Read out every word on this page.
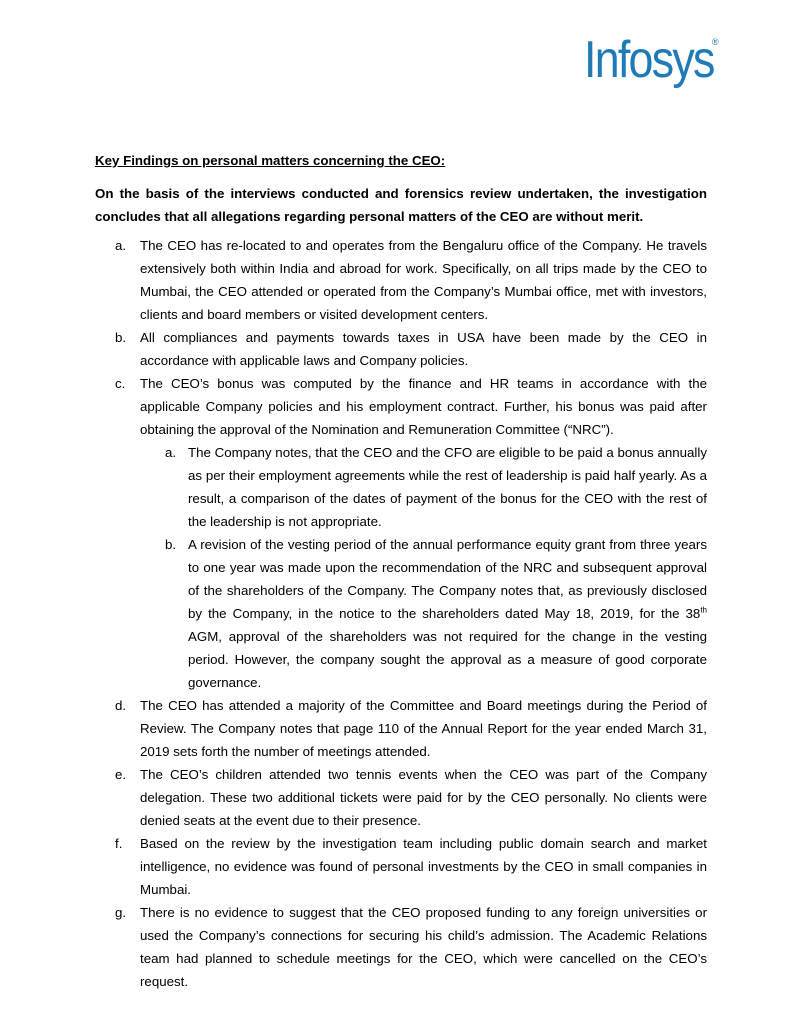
Infosys
®

Key Findings on personal matters concerning the CEO:

On the basis of the interviews conducted and forensics review undertaken, the investigation concludes that all allegations regarding personal matters of the CEO are without merit.

a. The CEO has re-located to and operates from the Bengaluru office of the Company. He travels extensively both within India and abroad for work. Specifically, on all trips made by the CEO to Mumbai, the CEO attended or operated from the Company’s Mumbai office, met with investors, clients and board members or visited development centers.
b. All compliances and payments towards taxes in USA have been made by the CEO in accordance with applicable laws and Company policies.
c. The CEO’s bonus was computed by the finance and HR teams in accordance with the applicable Company policies and his employment contract. Further, his bonus was paid after obtaining the approval of the Nomination and Remuneration Committee (“NRC”).
a. The Company notes, that the CEO and the CFO are eligible to be paid a bonus annually as per their employment agreements while the rest of leadership is paid half yearly. As a result, a comparison of the dates of payment of the bonus for the CEO with the rest of the leadership is not appropriate.
b. A revision of the vesting period of the annual performance equity grant from three years to one year was made upon the recommendation of the NRC and subsequent approval of the shareholders of the Company. The Company notes that, as previously disclosed by the Company, in the notice to the shareholders dated May 18, 2019, for the 38th AGM, approval of the shareholders was not required for the change in the vesting period. However, the company sought the approval as a measure of good corporate governance.
d. The CEO has attended a majority of the Committee and Board meetings during the Period of Review. The Company notes that page 110 of the Annual Report for the year ended March 31, 2019 sets forth the number of meetings attended.
e. The CEO’s children attended two tennis events when the CEO was part of the Company delegation. These two additional tickets were paid for by the CEO personally. No clients were denied seats at the event due to their presence.
f. Based on the review by the investigation team including public domain search and market intelligence, no evidence was found of personal investments by the CEO in small companies in Mumbai.
g. There is no evidence to suggest that the CEO proposed funding to any foreign universities or used the Company’s connections for securing his child’s admission. The Academic Relations team had planned to schedule meetings for the CEO, which were cancelled on the CEO’s request.
